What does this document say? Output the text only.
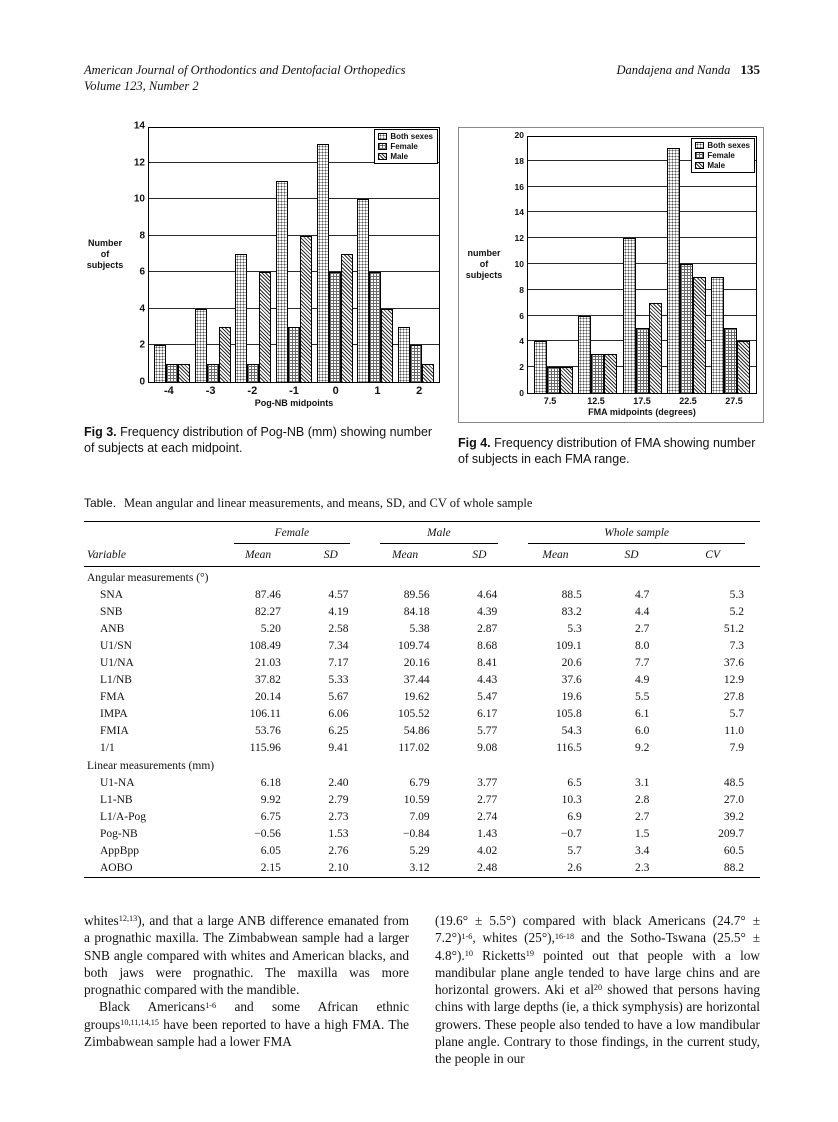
American Journal of Orthodontics and Dentofacial Orthopedics
Volume 123, Number 2
Dandajena and Nanda 135
Number of subjects
0
2
4
6
8
10
12
14
Both sexes
Female
Male
-4	-3	-2	-1	0	1	2
Pog-NB midpoints

Fig 3. Frequency distribution of Pog-NB (mm) showing number of subjects at each midpoint.

number of subjects
0
2
4
6
8
10
12
14
16
18
20
Both sexes
Female
Male
7.5	12.5	17.5	22.5	27.5
FMA midpoints (degrees)

Fig 4. Frequency distribution of FMA showing number of subjects in each FMA range.

Table. Mean angular and linear measurements, and means, SD, and CV of whole sample

	Female		Male		Whole sample		

Variable	Mean	SD	Mean	SD	Mean	SD	CV
Angular measurements (°)							
SNA	87.46	4.57	89.56	4.64	88.5	4.7	5.3
SNB	82.27	4.19	84.18	4.39	83.2	4.4	5.2
ANB	5.20	2.58	5.38	2.87	5.3	2.7	51.2
U1/SN	108.49	7.34	109.74	8.68	109.1	8.0	7.3
U1/NA	21.03	7.17	20.16	8.41	20.6	7.7	37.6
L1/NB	37.82	5.33	37.44	4.43	37.6	4.9	12.9
FMA	20.14	5.67	19.62	5.47	19.6	5.5	27.8
IMPA	106.11	6.06	105.52	6.17	105.8	6.1	5.7
FMIA	53.76	6.25	54.86	5.77	54.3	6.0	11.0
1/1	115.96	9.41	117.02	9.08	116.5	9.2	7.9
Linear measurements (mm)							
U1-NA	6.18	2.40	6.79	3.77	6.5	3.1	48.5
L1-NB	9.92	2.79	10.59	2.77	10.3	2.8	27.0
L1/A-Pog	6.75	2.73	7.09	2.74	6.9	2.7	39.2
Pog-NB	−0.56	1.53	−0.84	1.43	−0.7	1.5	209.7
AppBpp	6.05	2.76	5.29	4.02	5.7	3.4	60.5
AOBO	2.15	2.10	3.12	2.48	2.6	2.3	88.2

whites$^{12,13}$), and that a large ANB difference emanated from a prognathic maxilla. The Zimbabwean sample had a larger SNB angle compared with whites and American blacks, and both jaws were prognathic. The maxilla was more prognathic compared with the mandible.

Black Americans$^{1-6}$ and some African ethnic groups$^{10,11,14,15}$ have been reported to have a high FMA. The Zimbabwean sample had a lower FMA

(19.6° ± 5.5°) compared with black Americans $(24.7^\circ \pm 7.2^\circ)^{1-6}$, whites (25°),$^{16-18}$ and the Sotho-Tswana (25.5° ± 4.8°).$^{10}$ Ricketts$^{19}$ pointed out that people with a low mandibular plane angle tended to have large chins and are horizontal growers. Aki et $al^{20}$ showed that persons having chins with large depths (ie, a thick symphysis) are horizontal growers. These people also tended to have a low mandibular plane angle. Contrary to those findings, in the current study, the people in our
